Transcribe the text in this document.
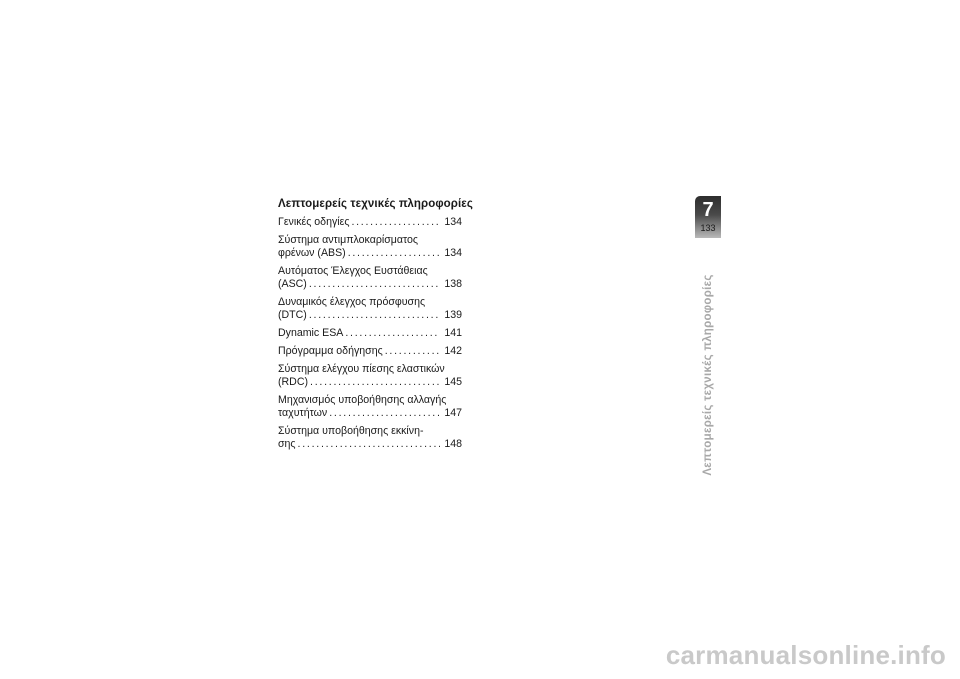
Λεπτομερείς τεχνικές πληροφορίες
Γενικές οδηγίες . . .	134
Σύστημα αντιμπλοκαρίσματος
φρένων (ABS) . . .	134
Αυτόματος Έλεγχος Ευστάθειας
(ASC) . . .	138
Δυναμικός έλεγχος πρόσφυσης
(DTC) . . .	139
Dynamic ESA . . .	141
Πρόγραμμα οδήγησης . . .	142
Σύστημα ελέγχου πίεσης ελαστικών
(RDC) . . .	145
Μηχανισμός υποβοήθησης αλλαγής
ταχυτήτων . . .	147
Σύστημα υποβοήθησης εκκίνη-
σης . . .	148
7
133
Λεπτομερείς τεχνικές πληροφορίες
carmanualsonline.info
